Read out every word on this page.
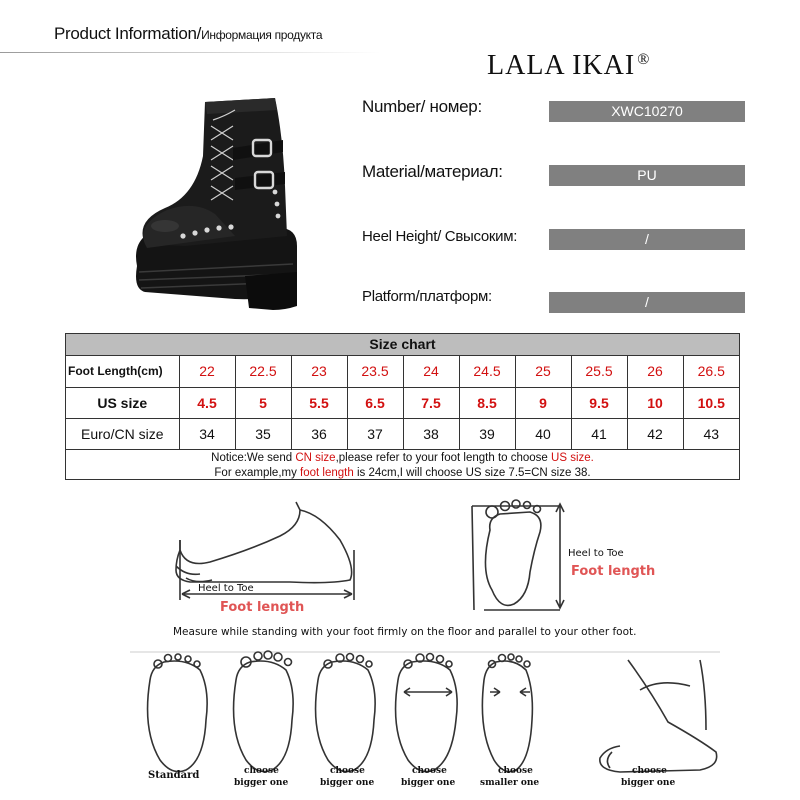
Product Information/Информация продукта
LALA IKAI ®
Number/ номер:	XWC10270
Material/материал:	PU
Heel Height/ Свысоким:	/
Platform/платформ:	/
Size chart
Foot Length(cm)	22	22.5	23	23.5	24	24.5	25	25.5	26	26.5
US size	4.5	5	5.5	6.5	7.5	8.5	9	9.5	10	10.5
Euro/CN size	34	35	36	37	38	39	40	41	42	43
Notice:We send CN size,please refer to your foot length to choose US size.
For example,my foot length is 24cm,I will choose US size 7.5=CN size 38.
Heel to Toe
Foot length
Heel to Toe
Foot length
Measure while standing with your foot firmly on the floor and parallel to your other foot.
Standard	choose
bigger one
choose
bigger one
choose
bigger one
choose
smaller one
choose
bigger one
